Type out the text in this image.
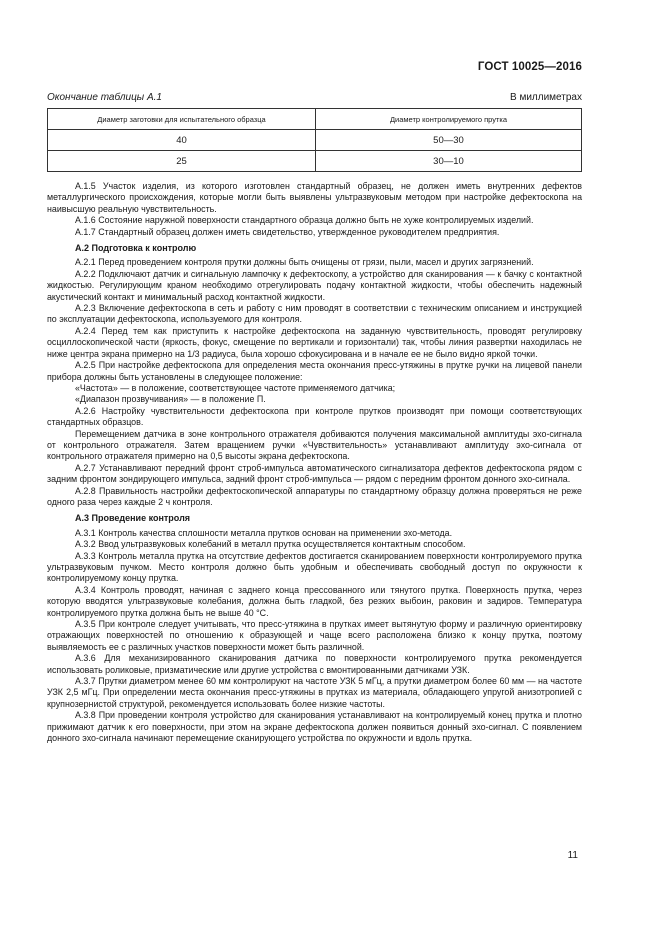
ГОСТ 10025—2016
Окончание таблицы А.1	В миллиметрах
Диаметр заготовки для испытательного образца	Диаметр контролируемого прутка
40	50—30
25	30—10

А.1.5 Участок изделия, из которого изготовлен стандартный образец, не должен иметь внутренних дефектов металлургического происхождения, которые могли быть выявлены ультразвуковым методом при настройке дефектоскопа на наивысшую реальную чувствительность.

А.1.6 Состояние наружной поверхности стандартного образца должно быть не хуже контролируемых изделий.

А.1.7 Стандартный образец должен иметь свидетельство, утвержденное руководителем предприятия.

А.2 Подготовка к контролю

А.2.1 Перед проведением контроля прутки должны быть очищены от грязи, пыли, масел и других загрязнений.

А.2.2 Подключают датчик и сигнальную лампочку к дефектоскопу, а устройство для сканирования — к бачку с контактной жидкостью. Регулирующим краном необходимо отрегулировать подачу контактной жидкости, чтобы обеспечить надежный акустический контакт и минимальный расход контактной жидкости.

А.2.3 Включение дефектоскопа в сеть и работу с ним проводят в соответствии с техническим описанием и инструкцией по эксплуатации дефектоскопа, используемого для контроля.

А.2.4 Перед тем как приступить к настройке дефектоскопа на заданную чувствительность, проводят регулировку осциллоскопической части (яркость, фокус, смещение по вертикали и горизонтали) так, чтобы линия развертки находилась не ниже центра экрана примерно на 1/3 радиуса, была хорошо сфокусирована и в начале ее не было видно яркой точки.

А.2.5 При настройке дефектоскопа для определения места окончания пресс-утяжины в прутке ручки на лицевой панели прибора должны быть установлены в следующее положение:

«Частота» — в положение, соответствующее частоте применяемого датчика;

«Диапазон прозвучивания» — в положение П.

А.2.6 Настройку чувствительности дефектоскопа при контроле прутков производят при помощи соответствующих стандартных образцов.

Перемещением датчика в зоне контрольного отражателя добиваются получения максимальной амплитуды эхо-сигнала от контрольного отражателя. Затем вращением ручки «Чувствительность» устанавливают амплитуду эхо-сигнала от контрольного отражателя примерно на 0,5 высоты экрана дефектоскопа.

А.2.7 Устанавливают передний фронт строб-импульса автоматического сигнализатора дефектов дефектоскопа рядом с задним фронтом зондирующего импульса, задний фронт строб-импульса — рядом с передним фронтом донного эхо-сигнала.

А.2.8 Правильность настройки дефектоскопической аппаратуры по стандартному образцу должна проверяться не реже одного раза через каждые 2 ч контроля.

А.3 Проведение контроля

А.3.1 Контроль качества сплошности металла прутков основан на применении эхо-метода.

А.3.2 Ввод ультразвуковых колебаний в металл прутка осуществляется контактным способом.

А.3.3 Контроль металла прутка на отсутствие дефектов достигается сканированием поверхности контролируемого прутка ультразвуковым пучком. Место контроля должно быть удобным и обеспечивать свободный доступ по окружности к контролируемому концу прутка.

А.3.4 Контроль проводят, начиная с заднего конца прессованного или тянутого прутка. Поверхность прутка, через которую вводятся ультразвуковые колебания, должна быть гладкой, без резких выбоин, раковин и задиров. Температура контролируемого прутка должна быть не выше 40 °С.

А.3.5 При контроле следует учитывать, что пресс-утяжина в прутках имеет вытянутую форму и различную ориентировку отражающих поверхностей по отношению к образующей и чаще всего расположена близко к концу прутка, поэтому выявляемость ее с различных участков поверхности может быть различной.

А.3.6 Для механизированного сканирования датчика по поверхности контролируемого прутка рекомендуется использовать роликовые, призматические или другие устройства с вмонтированными датчиками УЗК.

А.3.7 Прутки диаметром менее 60 мм контролируют на частоте УЗК 5 мГц, а прутки диаметром более 60 мм — на частоте УЗК 2,5 мГц. При определении места окончания пресс-утяжины в прутках из материала, обладающего упругой анизотропией с крупнозернистой структурой, рекомендуется использовать более низкие частоты.

А.3.8 При проведении контроля устройство для сканирования устанавливают на контролируемый конец прутка и плотно прижимают датчик к его поверхности, при этом на экране дефектоскопа должен появиться донный эхо-сигнал. С появлением донного эхо-сигнала начинают перемещение сканирующего устройства по окружности и вдоль прутка.

11
